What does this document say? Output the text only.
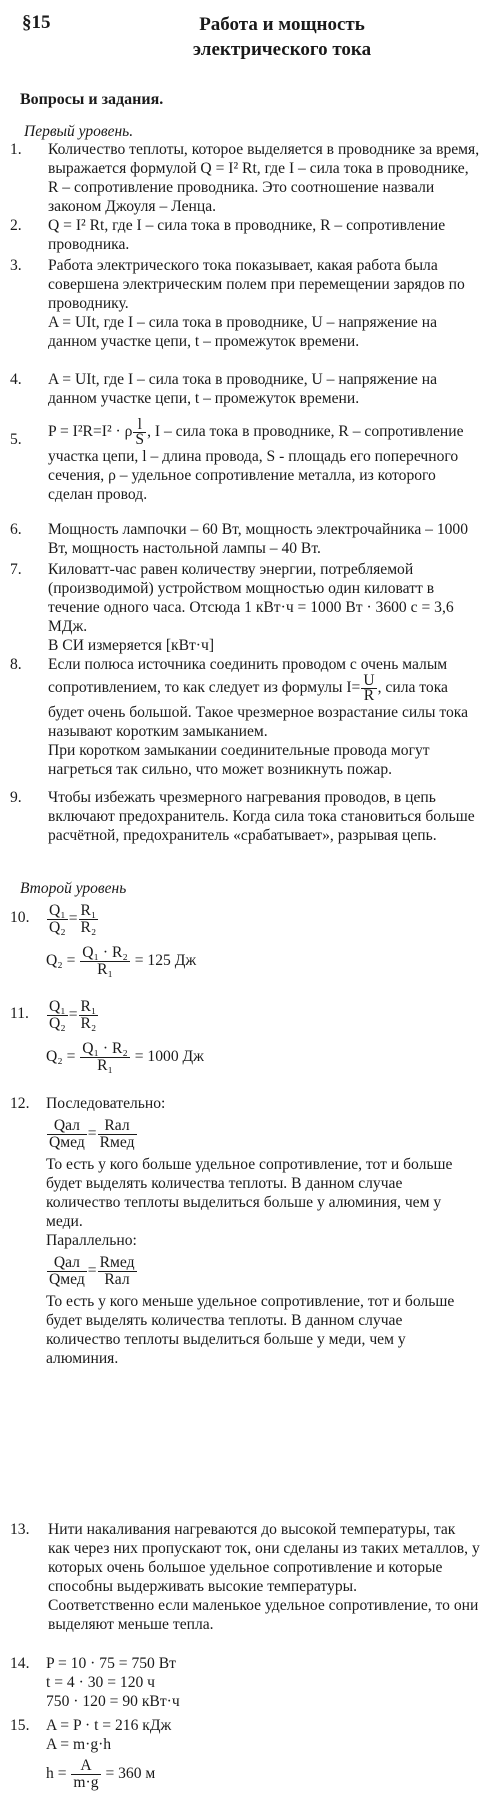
§15	Работа и мощность
электрического тока
Вопросы и задания.
Первый уровень.
1.	Количество теплоты, которое выделяется в проводнике за время, выражается формулой Q = I² Rt, где I – сила тока в проводнике, R – сопротивление проводника. Это соотношение назвали законом Джоуля – Ленца.
2.	Q = I² Rt, где I – сила тока в проводнике, R – сопротивление проводника.
3.	Работа электрического тока показывает, какая работа была совершена электрическим полем при перемещении зарядов по проводнику.
A = UIt, где I – сила тока в проводнике, U – напряжение на данном участке цепи, t – промежуток времени.
4.	A = UIt, где I – сила тока в проводнике, U – напряжение на данном участке цепи, t – промежуток времени.
5.	P = I²R=I² · ρ $\frac{l}{S}$ , I – сила тока в проводнике, R – сопротивление участка цепи, l – длина провода, S - площадь его поперечного сечения, ρ – удельное сопротивление металла, из которого сделан провод.
6.	Мощность лампочки – 60 Вт, мощность электрочайника – 1000 Вт, мощность настольной лампы – 40 Вт.
7.	Киловатт-час равен количеству энергии, потребляемой (производимой) устройством мощностью один киловатт в течение одного часа. Отсюда 1 кВт·ч = 1000 Вт · 3600 с = 3,6 МДж.
В СИ измеряется [кВт·ч]
8.	Если полюса источника соединить проводом с очень малым сопротивлением, то как следует из формулы $I= \frac{U}{R}$ , сила тока будет очень большой. Такое чрезмерное возрастание силы тока называют коротким замыканием.
При коротком замыкании соединительные провода могут нагреться так сильно, что может возникнуть пожар.
9.	Чтобы избежать чрезмерного нагревания проводов, в цепь включают предохранитель. Когда сила тока становиться больше расчётной, предохранитель «срабатывает», разрывая цепь.
Второй уровень
10.	$\frac{\text{Q₁}}{\text{Q₂}} = \frac{\text{R₁}}{\text{R₂}}$
$Q_2 = \frac{\text{Q₁ · R₂}}{\text{R₁}} = 125$ Дж
11.	$\frac{\text{Q₁}}{\text{Q₂}} = \frac{\text{R₁}}{\text{R₂}}$
$Q_2 = \frac{\text{Q₁ · R₂}}{\text{R₁}} = 1000$ Дж
12.	Последовательно:
$\frac{\text{Qал}}{\text{Qмед}} = \frac{\text{Rал}}{\text{Rмед}}$
То есть у кого больше удельное сопротивление, тот и больше будет выделять количества теплоты. В данном случае количество теплоты выделиться больше у алюминия, чем у меди.
Параллельно:
$\frac{\text{Qал}}{\text{Qмед}} = \frac{\text{Rмед}}{\text{Rал}}$
То есть у кого меньше удельное сопротивление, тот и больше будет выделять количества теплоты. В данном случае количество теплоты выделиться больше у меди, чем у алюминия.
13.	Нити накаливания нагреваются до высокой температуры, так как через них пропускают ток, они сделаны из таких металлов, у которых очень большое удельное сопротивление и которые способны выдерживать высокие температуры.
Соответственно если маленькое удельное сопротивление, то они выделяют меньше тепла.
14.	P = 10 · 75 = 750 Вт
t = 4 · 30 = 120 ч
750 · 120 = 90 кВт·ч
15.	A = P · t = 216 кДж
A = m·g·h
$h = \frac{A}{m\cdot g} = 360$ м
